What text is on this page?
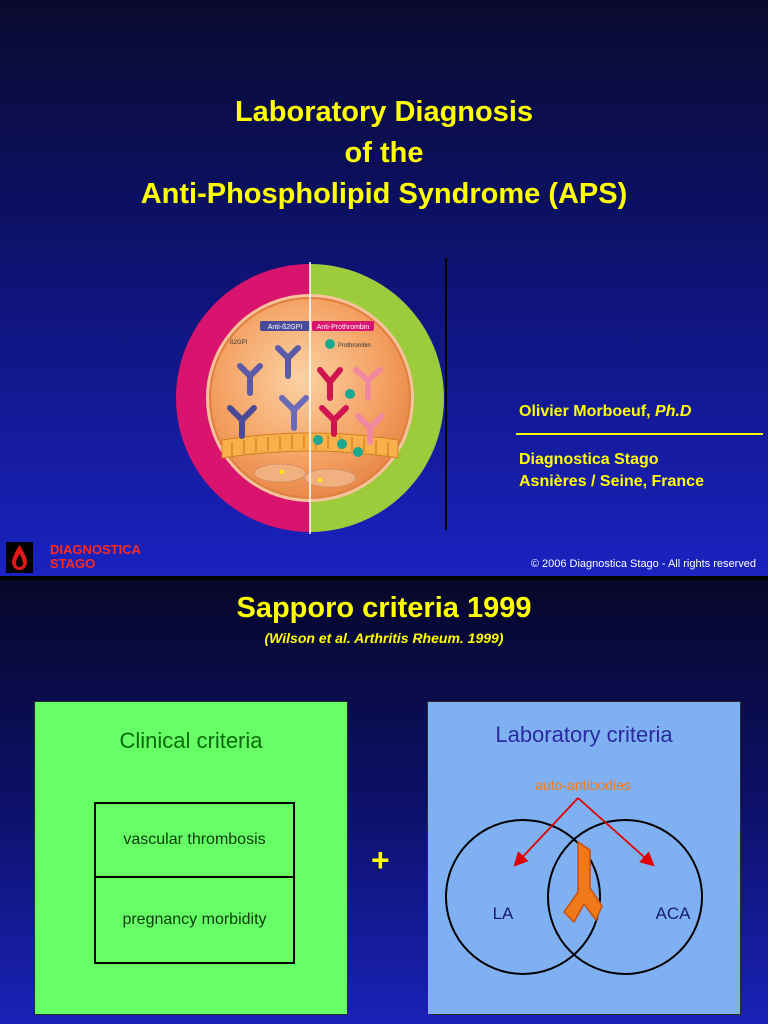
Laboratory Diagnosis
of the
Anti-Phospholipid Syndrome (APS)
Anti-ß2GPI Anti-Prothrombin
ß2GPI	Prothrombin
Olivier Morboeuf, Ph.D
Diagnostica Stago
Asnières / Seine, France
DIAGNOSTICA
STAGO	© 2006 Diagnostica Stago - All rights reserved
Sapporo criteria 1999
(Wilson et al. Arthritis Rheum. 1999)
Clinical criteria
vascular thrombosis
pregnancy morbidity
+
Laboratory criteria
auto-antibodies
LA	ACA
